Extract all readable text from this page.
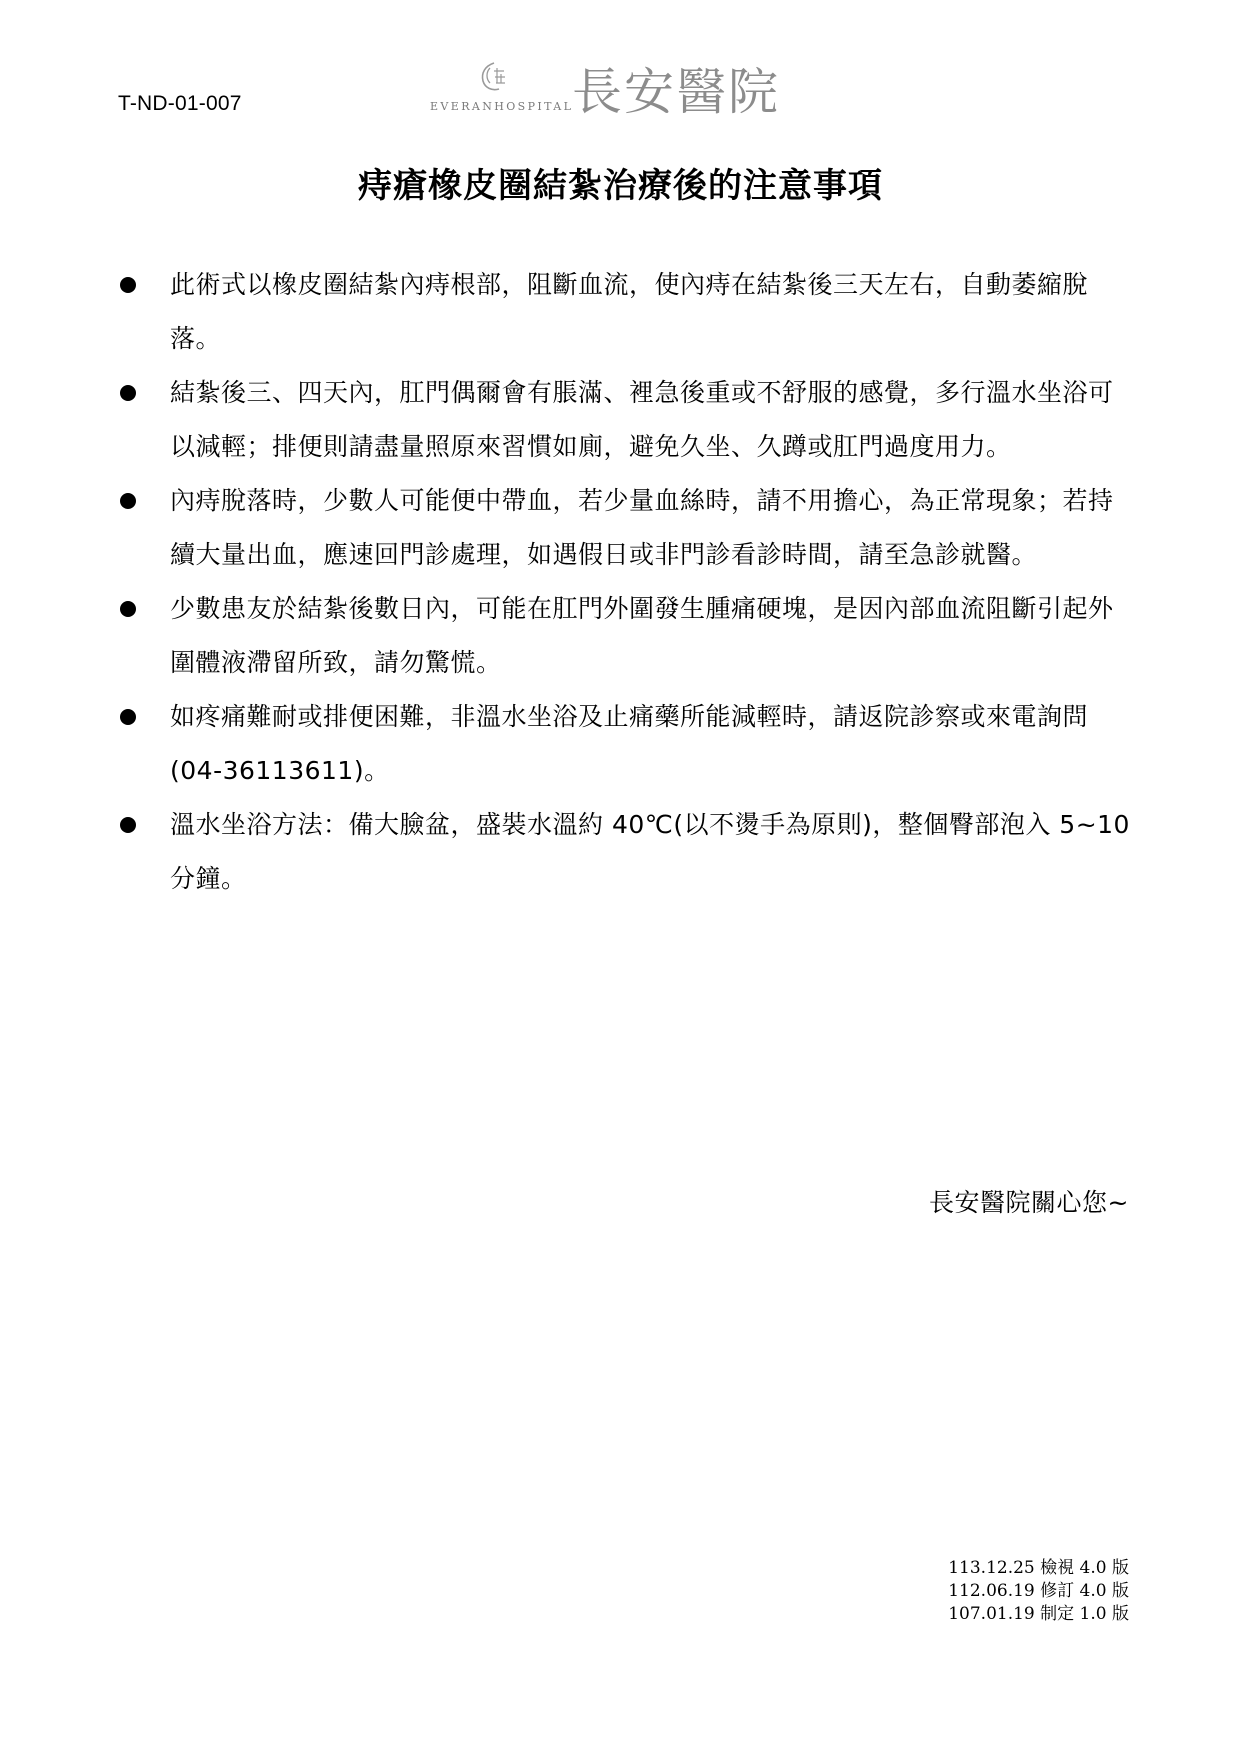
T-ND-01-007	EVERANHOSPITAL
長安醫院
痔瘡橡皮圈結紮治療後的注意事項
此術式以橡皮圈結紮內痔根部，阻斷血流，使內痔在結紮後三天左右，自動萎縮脫落。
結紮後三、四天內，肛門偶爾會有脹滿、裡急後重或不舒服的感覺，多行溫水坐浴可以減輕；排便則請盡量照原來習慣如廁，避免久坐、久蹲或肛門過度用力。
內痔脫落時，少數人可能便中帶血，若少量血絲時，請不用擔心，為正常現象；若持續大量出血，應速回門診處理，如遇假日或非門診看診時間，請至急診就醫。
少數患友於結紮後數日內，可能在肛門外圍發生腫痛硬塊，是因內部血流阻斷引起外圍體液滯留所致，請勿驚慌。
如疼痛難耐或排便困難，非溫水坐浴及止痛藥所能減輕時，請返院診察或來電詢問(04-36113611)。
溫水坐浴方法：備大臉盆，盛裝水溫約 40℃(以不燙手為原則)，整個臀部泡入 5~10 分鐘。
長安醫院關心您~
113.12.25 檢視 4.0 版
112.06.19 修訂 4.0 版
107.01.19 制定 1.0 版
